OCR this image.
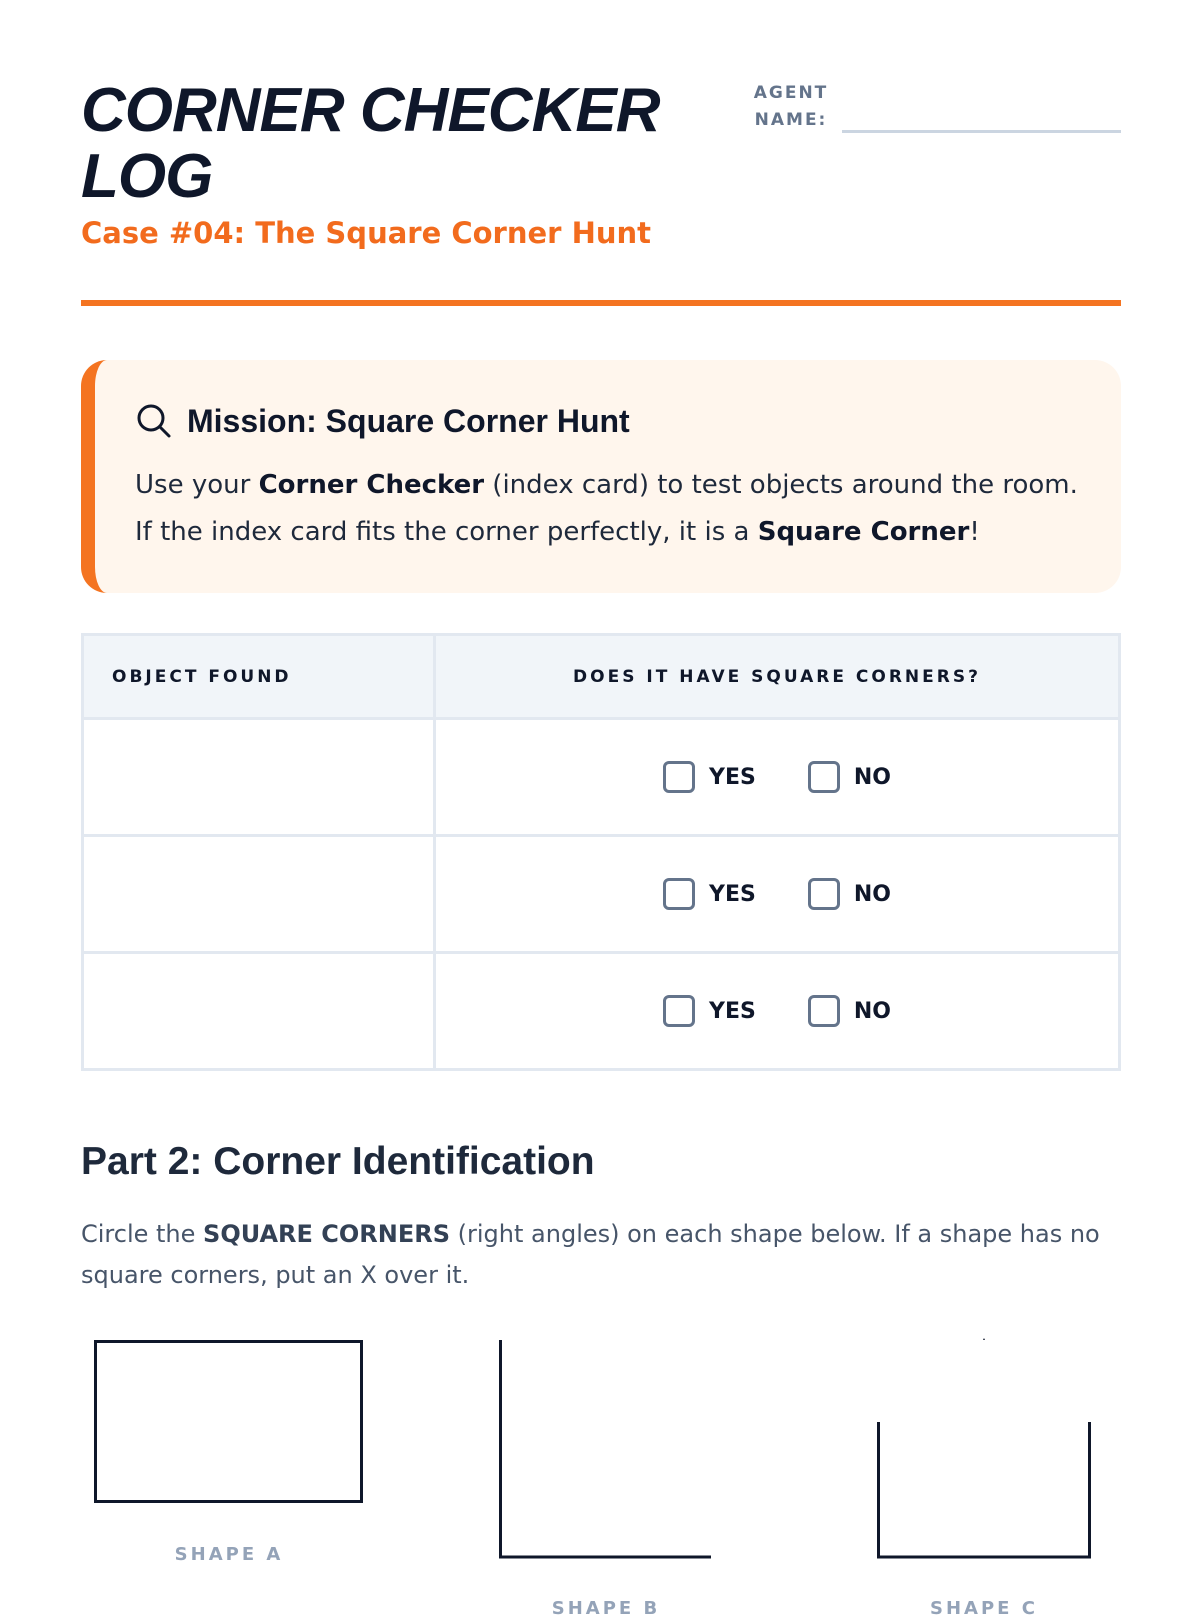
CORNER CHECKER LOG
Case #04: The Square Corner Hunt
AGENT NAME:
Mission: Square Corner Hunt
Use your Corner Checker (index card) to test objects around the room.
If the index card fits the corner perfectly, it is a Square Corner!
OBJECT FOUND	DOES IT HAVE SQUARE CORNERS?

	YES NO

	YES NO

	YES NO
Part 2: Corner Identification

Circle the SQUARE CORNERS (right angles) on each shape below. If a shape has no square corners, put an X over it.

SHAPE A
SHAPE B	SHAPE C
